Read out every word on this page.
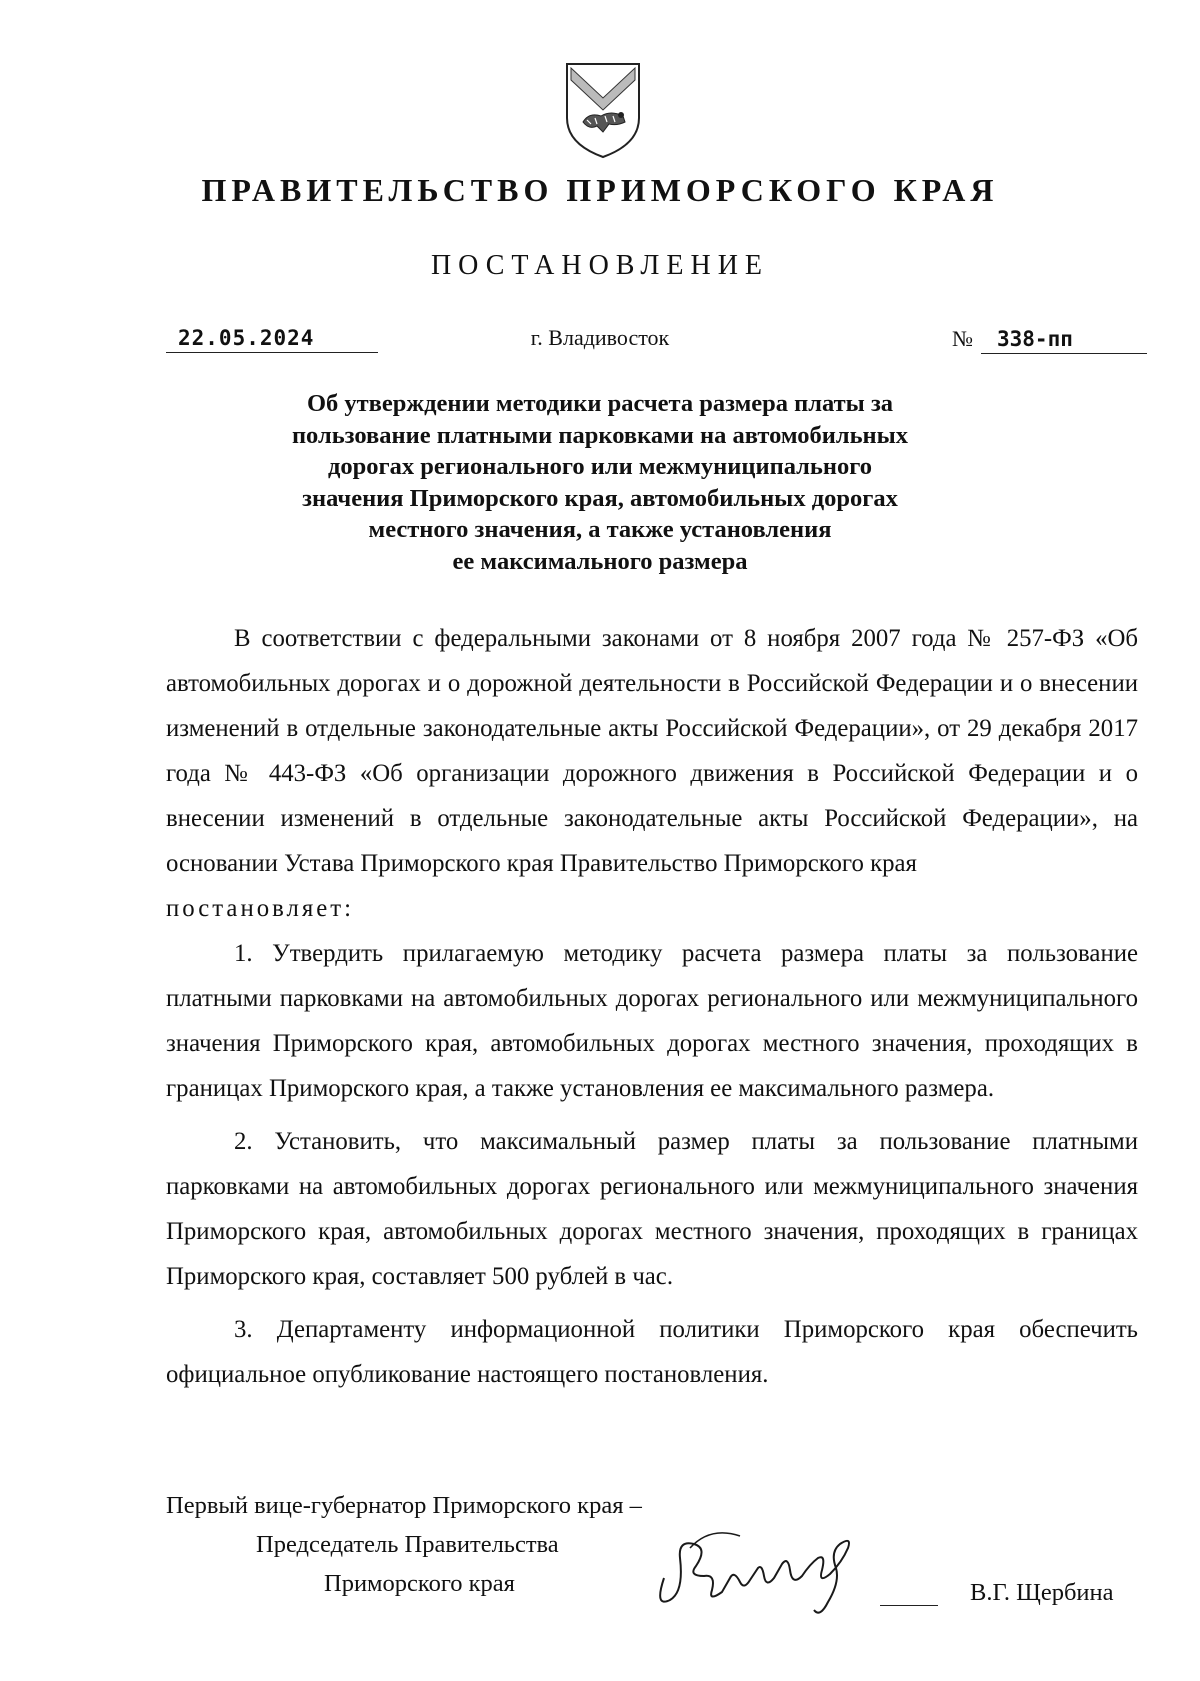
ПРАВИТЕЛЬСТВО ПРИМОРСКОГО КРАЯ
ПОСТАНОВЛЕНИЕ
22.05.2024	г. Владивосток	№	338-пп
Об утверждении методики расчета размера платы за
пользование платными парковками на автомобильных
дорогах регионального или межмуниципального
значения Приморского края, автомобильных дорогах
местного значения, а также установления
ее максимального размера

В соответствии с федеральными законами от 8 ноября 2007 года № 257-ФЗ «Об автомобильных дорогах и о дорожной деятельности в Российской Федерации и о внесении изменений в отдельные законодательные акты Российской Федерации», от 29 декабря 2017 года № 443-ФЗ «Об организации дорожного движения в Российской Федерации и о внесении изменений в отдельные законодательные акты Российской Федерации», на основании Устава Приморского края Правительство Приморского края

постановляет:

1. Утвердить прилагаемую методику расчета размера платы за пользование платными парковками на автомобильных дорогах регионального или межмуниципального значения Приморского края, автомобильных дорогах местного значения, проходящих в границах Приморского края, а также установления ее максимального размера.

2. Установить, что максимальный размер платы за пользование платными парковками на автомобильных дорогах регионального или межмуниципального значения Приморского края, автомобильных дорогах местного значения, проходящих в границах Приморского края, составляет 500 рублей в час.

3. Департаменту информационной политики Приморского края обеспечить официальное опубликование настоящего постановления.

Первый вице-губернатор Приморского края –
Председатель Правительства
Приморского края	В.Г. Щербина
